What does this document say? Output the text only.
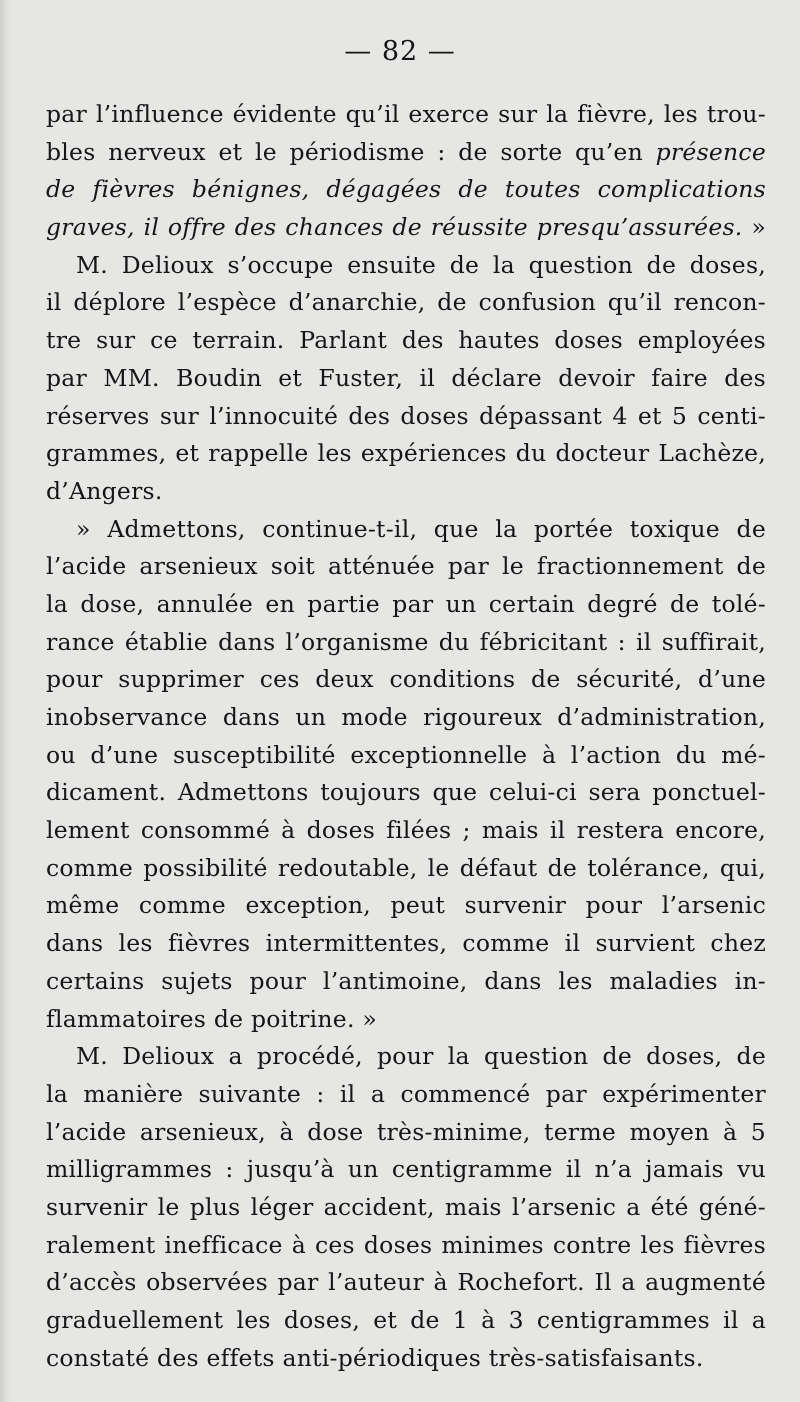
— 82 —
par l’influence évidente qu’il exerce sur la fièvre, les trou-
bles nerveux et le périodisme : de sorte qu’en présence
de fièvres bénignes, dégagées de toutes complications
graves, il offre des chances de réussite presqu’assurées. »
M. Delioux s’occupe ensuite de la question de doses,
il déplore l’espèce d’anarchie, de confusion qu’il rencon-
tre sur ce terrain. Parlant des hautes doses employées
par MM. Boudin et Fuster, il déclare devoir faire des
réserves sur l’innocuité des doses dépassant 4 et 5 centi-
grammes, et rappelle les expériences du docteur Lachèze,
d’Angers.
» Admettons, continue-t-il, que la portée toxique de
l’acide arsenieux soit atténuée par le fractionnement de
la dose, annulée en partie par un certain degré de tolé-
rance établie dans l’organisme du fébricitant : il suffirait,
pour supprimer ces deux conditions de sécurité, d’une
inobservance dans un mode rigoureux d’administration,
ou d’une susceptibilité exceptionnelle à l’action du mé-
dicament. Admettons toujours que celui-ci sera ponctuel-
lement consommé à doses filées ; mais il restera encore,
comme possibilité redoutable, le défaut de tolérance, qui,
même comme exception, peut survenir pour l’arsenic
dans les fièvres intermittentes, comme il survient chez
certains sujets pour l’antimoine, dans les maladies in-
flammatoires de poitrine. »
M. Delioux a procédé, pour la question de doses, de
la manière suivante : il a commencé par expérimenter
l’acide arsenieux, à dose très-minime, terme moyen à 5
milligrammes : jusqu’à un centigramme il n’a jamais vu
survenir le plus léger accident, mais l’arsenic a été géné-
ralement inefficace à ces doses minimes contre les fièvres
d’accès observées par l’auteur à Rochefort. Il a augmenté
graduellement les doses, et de 1 à 3 centigrammes il a
constaté des effets anti-périodiques très-satisfaisants.
